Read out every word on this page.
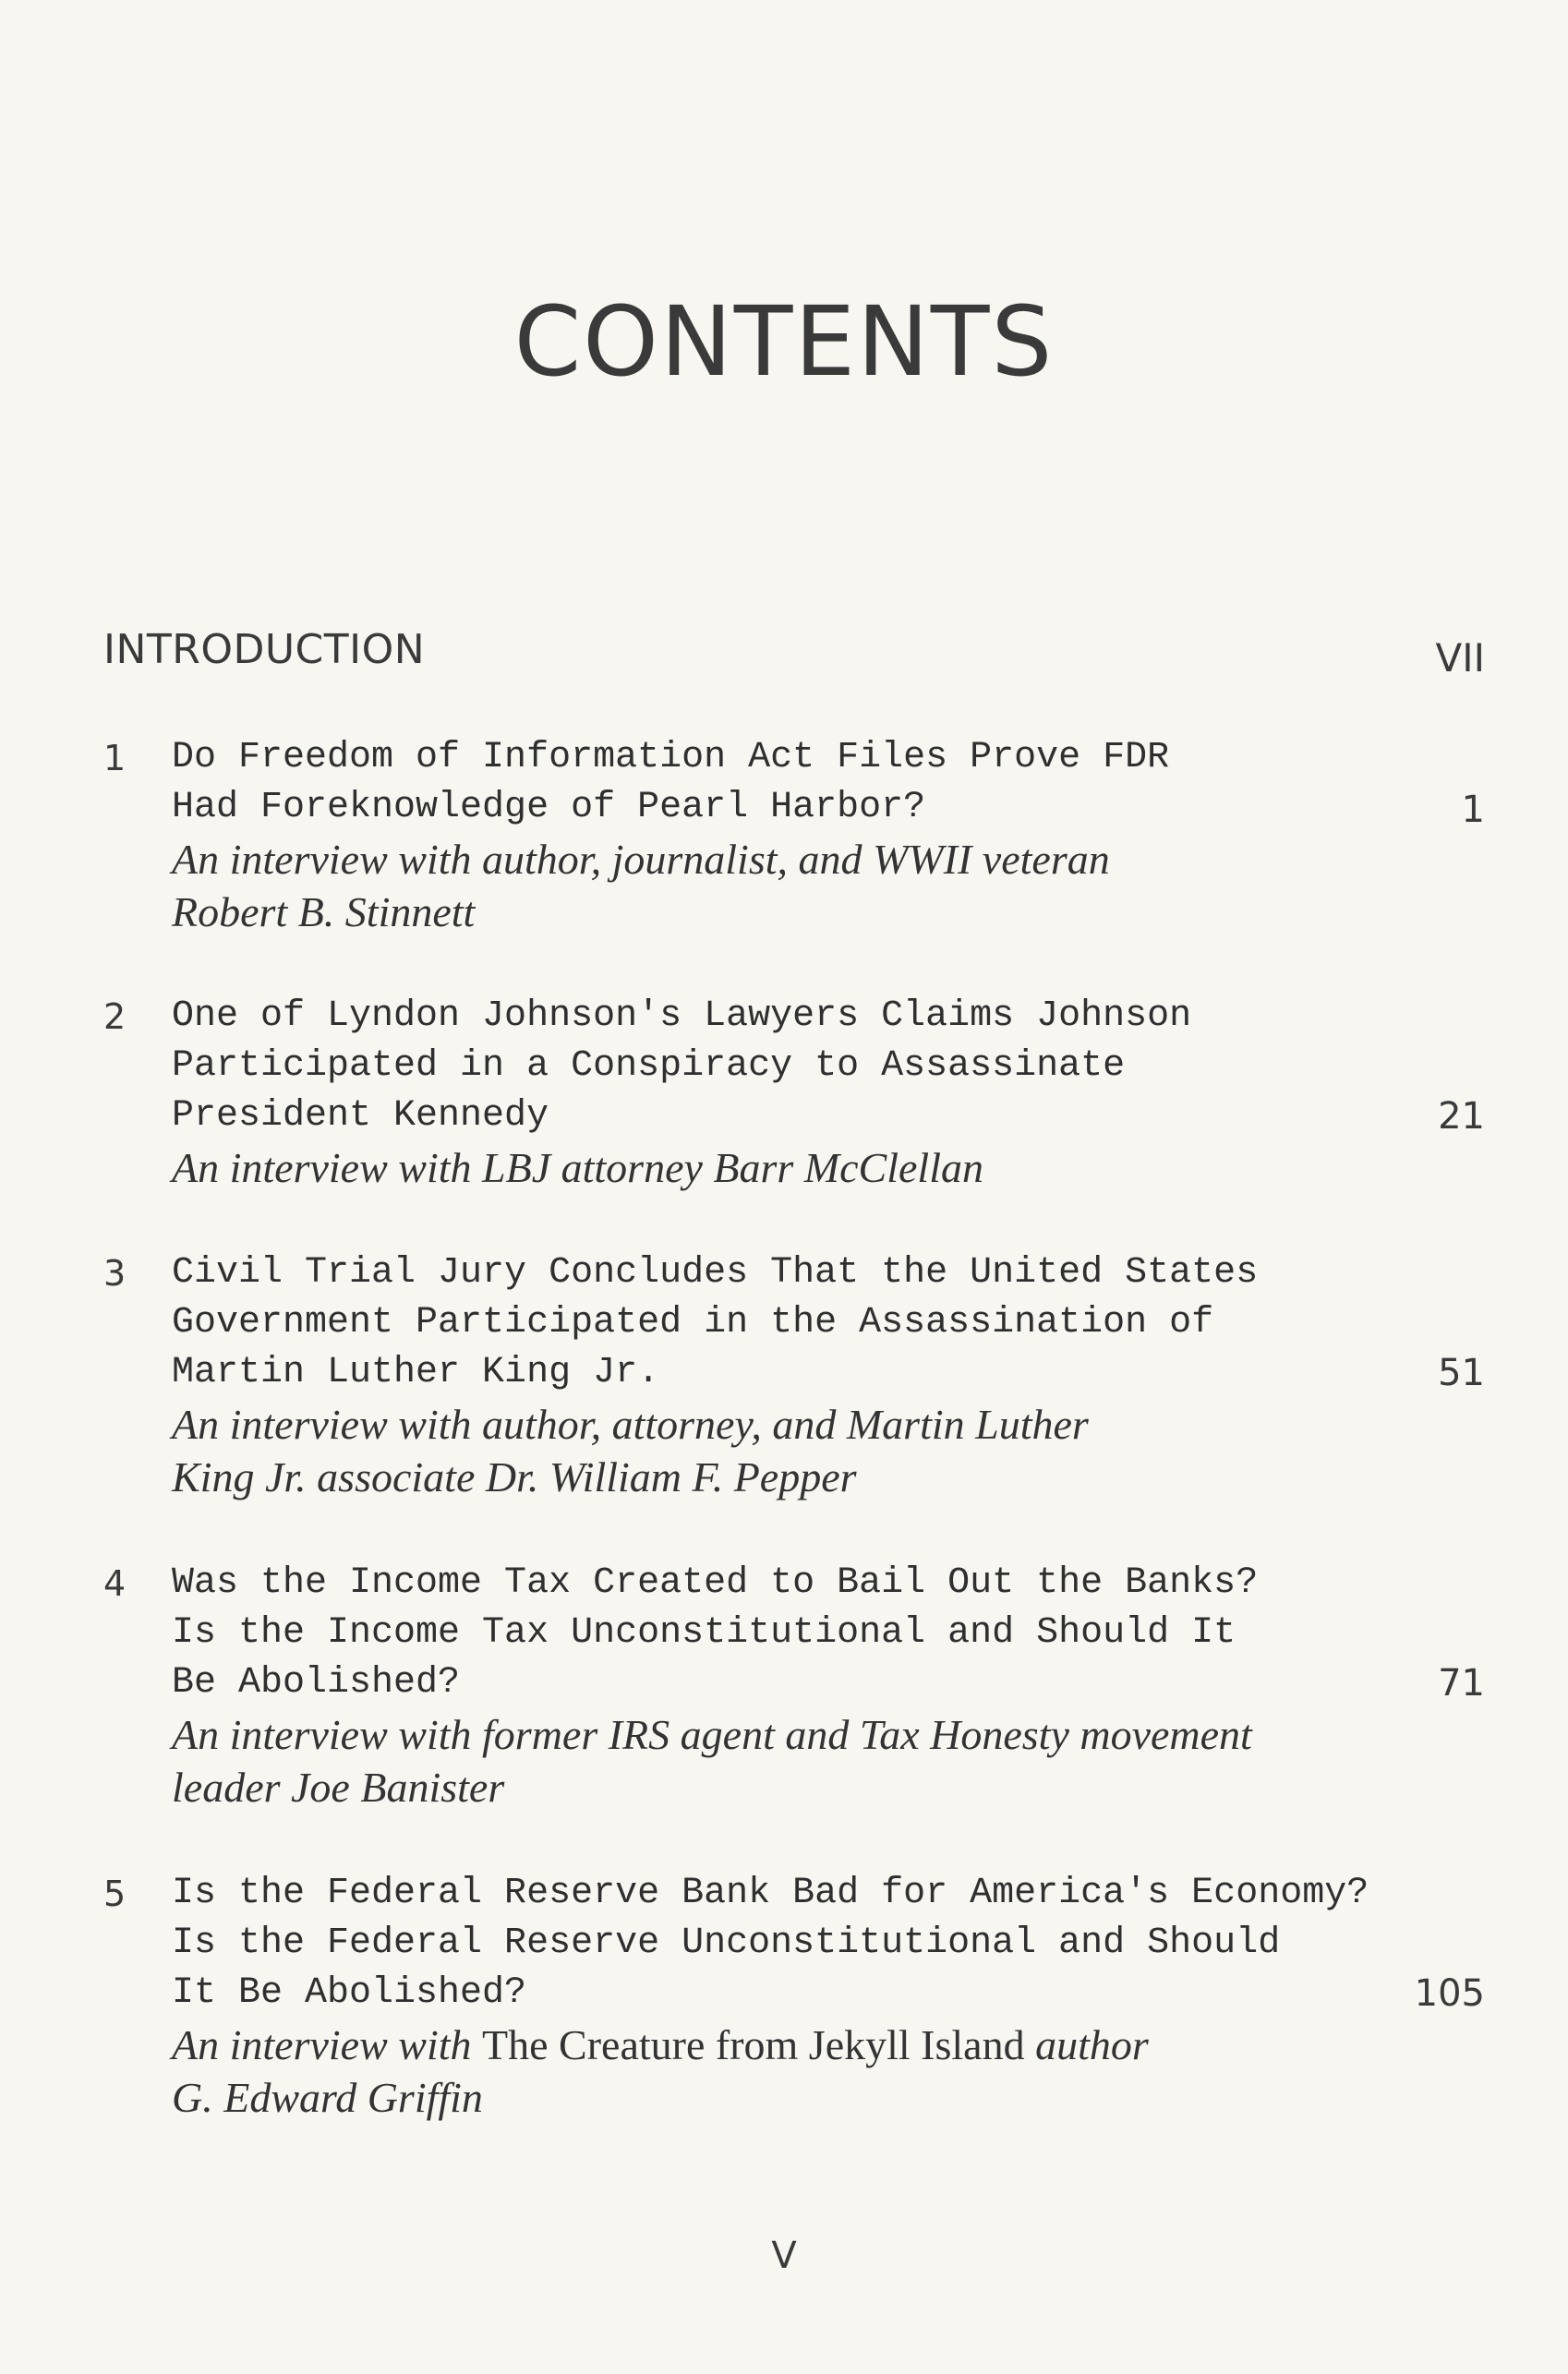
CONTENTS
INTRODUCTION	VII
1 Do Freedom of Information Act Files Prove FDR
Had Foreknowledge of Pearl Harbor?
An interview with author, journalist, and WWII veteran
Robert B. Stinnett
1
2 One of Lyndon Johnson's Lawyers Claims Johnson
Participated in a Conspiracy to Assassinate
President Kennedy
An interview with LBJ attorney Barr McClellan
21
3 Civil Trial Jury Concludes That the United States
Government Participated in the Assassination of
Martin Luther King Jr.
An interview with author, attorney, and Martin Luther
King Jr. associate Dr. William F. Pepper
51
4 Was the Income Tax Created to Bail Out the Banks?
Is the Income Tax Unconstitutional and Should It
Be Abolished?
An interview with former IRS agent and Tax Honesty movement
leader Joe Banister
71
5 Is the Federal Reserve Bank Bad for America's Economy?
Is the Federal Reserve Unconstitutional and Should
It Be Abolished?
An interview with The Creature from Jekyll Island author
G. Edward Griffin
105
V
